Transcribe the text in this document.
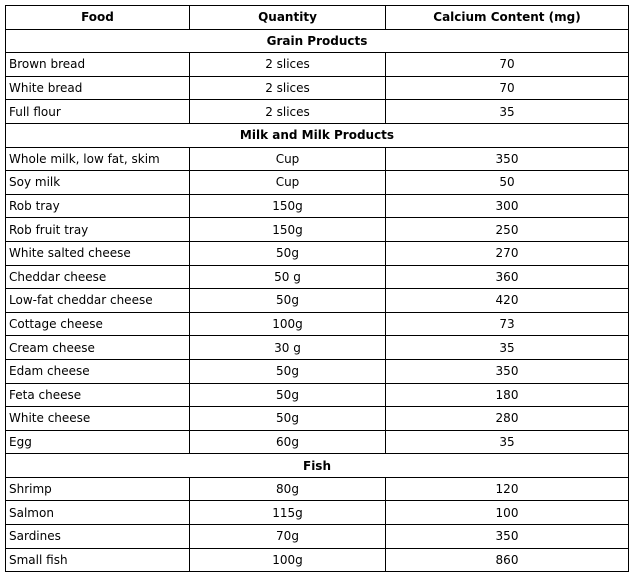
Food	Quantity	Calcium Content (mg)
Grain Products		
Brown bread	2 slices	70
White bread	2 slices	70
Full flour	2 slices	35
Milk and Milk Products		
Whole milk, low fat, skim	Cup	350
Soy milk	Cup	50
Rob tray	150g	300
Rob fruit tray	150g	250
White salted cheese	50g	270
Cheddar cheese	50 g	360
Low-fat cheddar cheese	50g	420
Cottage cheese	100g	73
Cream cheese	30 g	35
Edam cheese	50g	350
Feta cheese	50g	180
White cheese	50g	280
Egg	60g	35
Fish		
Shrimp	80g	120
Salmon	115g	100
Sardines	70g	350
Small fish	100g	860
